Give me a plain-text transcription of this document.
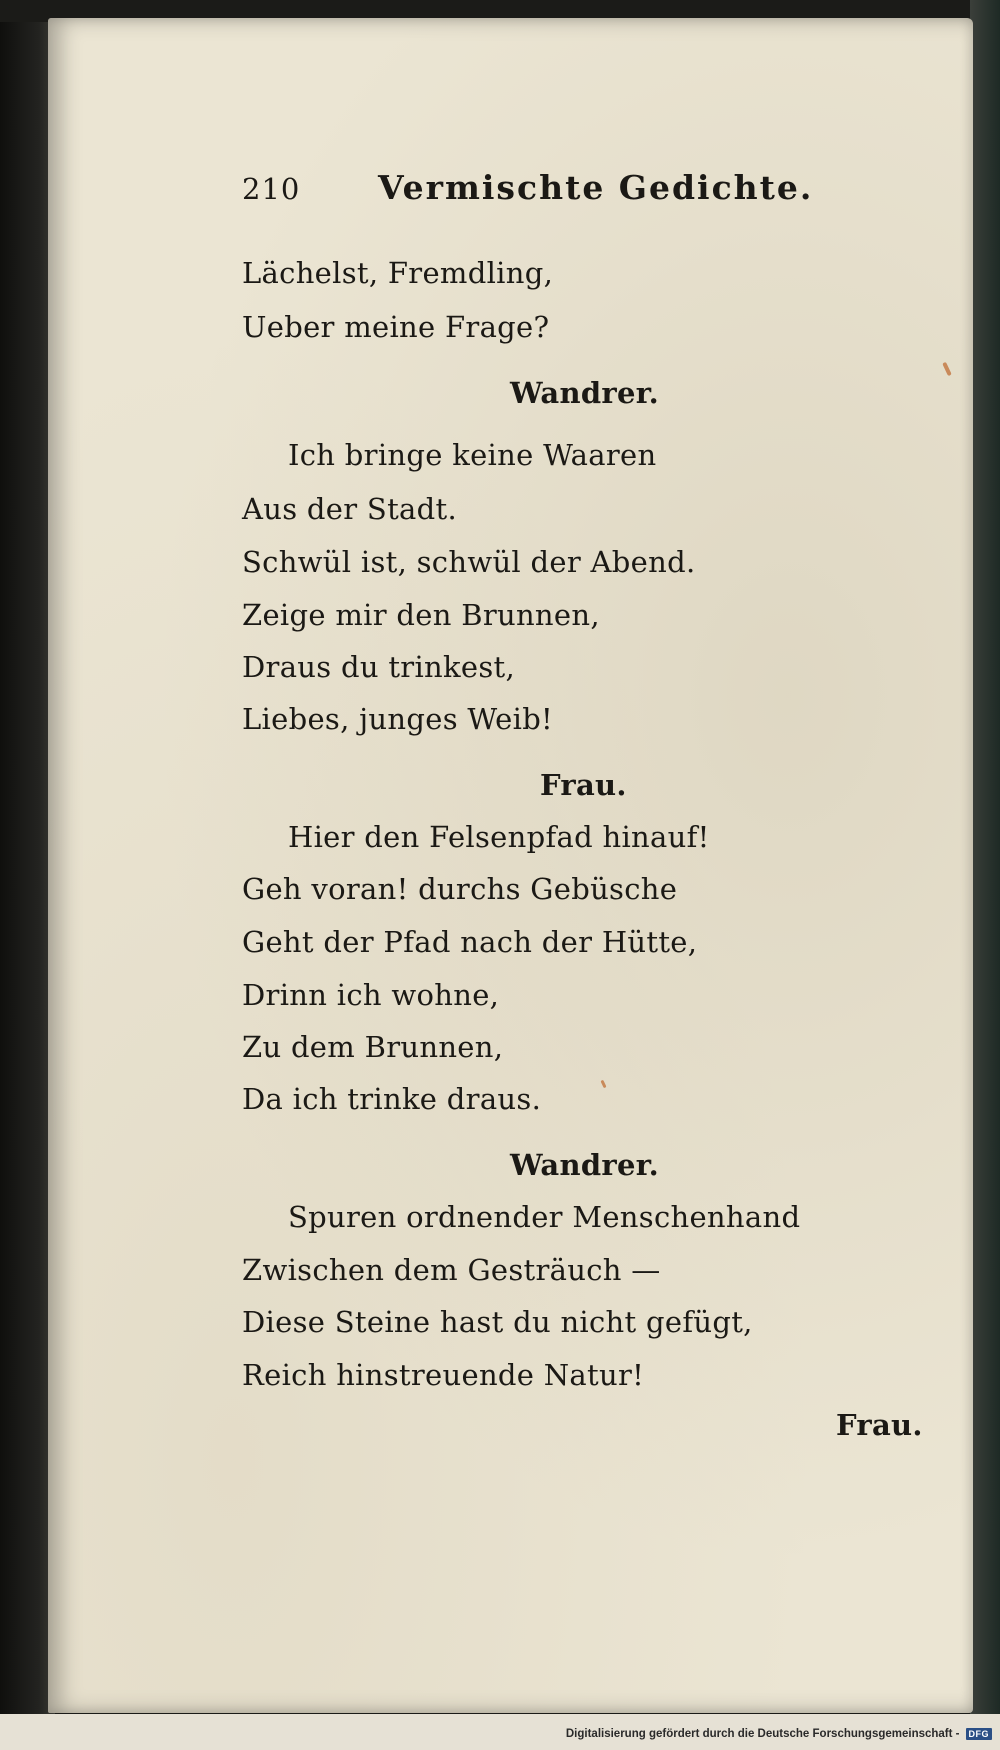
210 Vermischte Gedichte.
Lächelst, Fremdling,
Ueber meine Frage?
Wandrer.
Ich bringe keine Waaren
Aus der Stadt.
Schwül ist, schwül der Abend.
Zeige mir den Brunnen,
Draus du trinkest,
Liebes, junges Weib!
Frau.
Hier den Felsenpfad hinauf!
Geh voran! durchs Gebüsche
Geht der Pfad nach der Hütte,
Drinn ich wohne,
Zu dem Brunnen,
Da ich trinke draus.
Wandrer.
Spuren ordnender Menschenhand
Zwischen dem Gesträuch —
Diese Steine hast du nicht gefügt,
Reich hinstreuende Natur!
Frau.
Digitalisierung gefördert durch die Deutsche Forschungsgemeinschaft -	DFG
